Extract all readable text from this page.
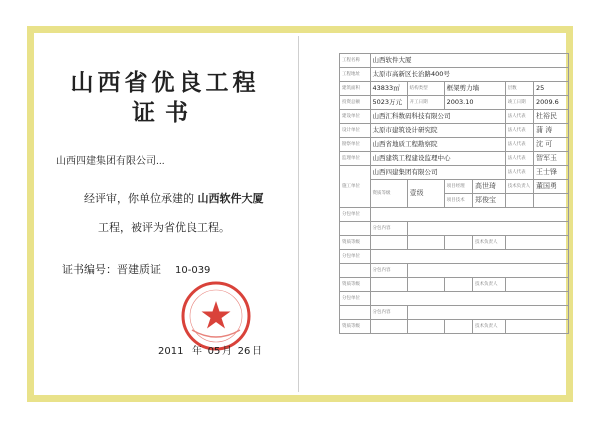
山西省优良工程
证书
山西四建集团有限公司...
经评审，你单位承建的 山西软件大厦
工程，被评为省优良工程。
证书编号：晋建质证 10-039
2011 年 05 月 26 日
工程名称	山西软件大厦					
工程地址	太原市高新区长治路400号					
建筑面积	43833㎡	结构类型	框架剪力墙		层数	25
投资总额	5023万元	开工日期	2003.10		竣工日期	2009.6
建设单位	山西汇科数码科技有限公司				法人代表	杜裕民
设计单位	太原市建筑设计研究院				法人代表	蒲 涛
勘察单位	山西省地质工程勘察院				法人代表	沈 可
监理单位	山西建筑工程建设监理中心				法人代表	智军玉
施工单位	山西四建集团有限公司				法人代表	王士锋
	资质等级	壹级	项目经理	高世琦	技术负责人	董国勇
			项目技术	郑俊宝		
分包单位						
	分包内容					
资质等级				技术负责人		
分包单位						
	分包内容					
资质等级				技术负责人		
分包单位						
	分包内容					
资质等级				技术负责人		
